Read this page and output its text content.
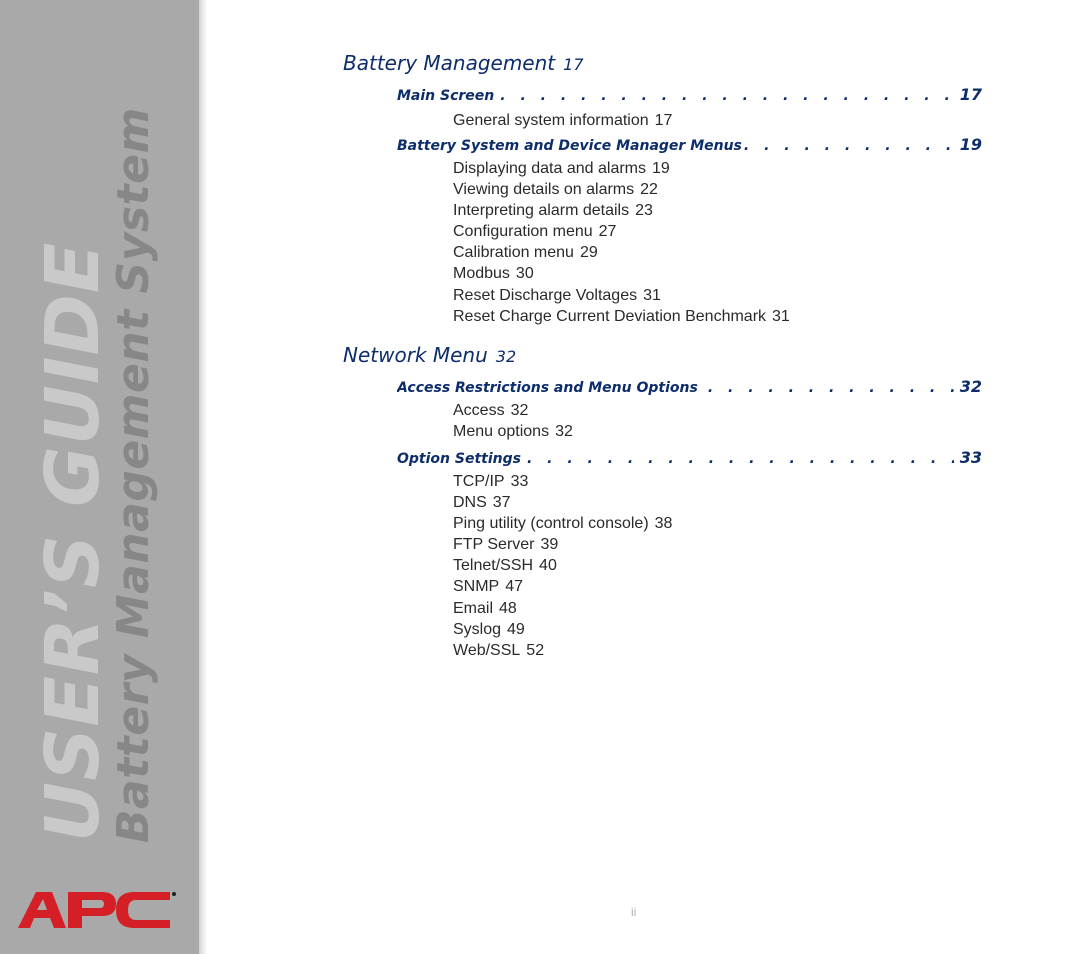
USER’S GUIDE
Battery Management System
Battery Management 17
Main Screen . . .	17
General system information 17
Battery System and Device Manager Menus . . .	19
Displaying data and alarms 19
Viewing details on alarms 22
Interpreting alarm details 23
Configuration menu 27
Calibration menu 29
Modbus 30
Reset Discharge Voltages 31
Reset Charge Current Deviation Benchmark 31
Network Menu 32
Access Restrictions and Menu Options . . .	32
Access 32
Menu options 32
Option Settings . . .	33
TCP/IP 33
DNS 37
Ping utility (control console) 38
FTP Server 39
Telnet/SSH 40
SNMP 47
Email 48
Syslog 49
Web/SSL 52
ii
